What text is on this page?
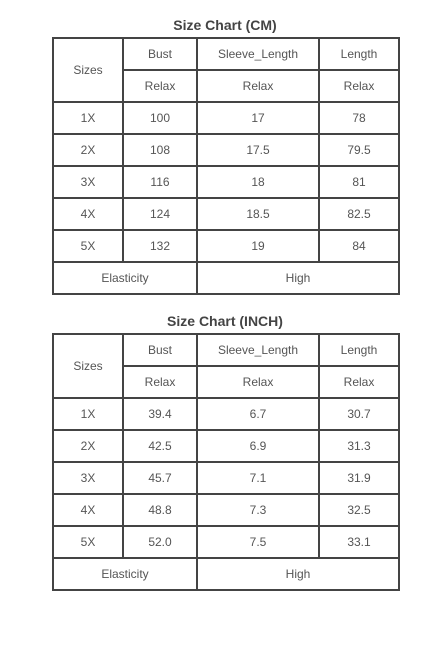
Size Chart (CM)
Sizes	Bust	Sleeve_Length	Length
	Relax	Relax	Relax
1X	100	17	78
2X	108	17.5	79.5
3X	116	18	81
4X	124	18.5	82.5
5X	132	19	84
Elasticity		High	
Size Chart (INCH)
Sizes	Bust	Sleeve_Length	Length
	Relax	Relax	Relax
1X	39.4	6.7	30.7
2X	42.5	6.9	31.3
3X	45.7	7.1	31.9
4X	48.8	7.3	32.5
5X	52.0	7.5	33.1
Elasticity		High	
